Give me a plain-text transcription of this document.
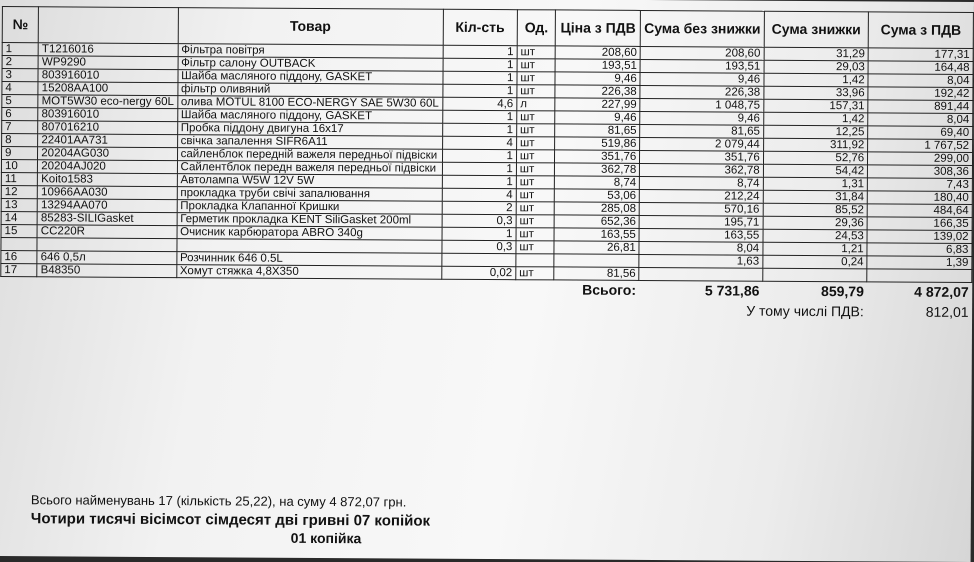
№		Товар	Кіл-сть	Од.	Ціна з ПДВ	Сума без знижки	Сума знижки	Сума з ПДВ
1	T1216016	Фільтра повітря	1	шт	208,60	208,60	31,29	177,31
2	WP9290	Фільтр салону OUTBACK	1	шт	193,51	193,51	29,03	164,48
3	803916010	Шайба масляного піддону, GASKET	1	шт	9,46	9,46	1,42	8,04
4	15208AA100	фільтр оливяний	1	шт	226,38	226,38	33,96	192,42
5	MOT5W30 eco-nergy 60L	олива MOTUL 8100 ECO-NERGY SAE 5W30 60L	4,6	л	227,99	1 048,75	157,31	891,44
6	803916010	Шайба масляного піддону, GASKET	1	шт	9,46	9,46	1,42	8,04
7	807016210	Пробка піддону двигуна 16x17	1	шт	81,65	81,65	12,25	69,40
8	22401AA731	свічка запалення SIFR6A11	4	шт	519,86	2 079,44	311,92	1 767,52
9	20204AG030	сайленблок передній важеля передньої підвіски	1	шт	351,76	351,76	52,76	299,00
10	20204AJ020	Сайлентблок передн важеля передньої підвіски	1	шт	362,78	362,78	54,42	308,36
11	Koito1583	Автолампа W5W 12V 5W	1	шт	8,74	8,74	1,31	7,43
12	10966AA030	прокладка труби свічі запалювання	4	шт	53,06	212,24	31,84	180,40
13	13294AA070	Прокладка Клапанної Кришки	2	шт	285,08	570,16	85,52	484,64
14	85283-SILIGasket	Герметик прокладка KENT SiliGasket 200ml	0,3	шт	652,36	195,71	29,36	166,35
15	CC220R	Очисник карбюратора ABRO 340g	1	шт	163,55	163,55	24,53	139,02
			0,3	шт	26,81	8,04	1,21	6,83
16	646 0,5л	Розчинник 646 0.5L				1,63	0,24	1,39
17	B48350	Хомут стяжка 4,8X350	0,02	шт	81,56			
					Всього:	5 731,86	859,79	4 872,07
						У тому числі ПДВ:		812,01
Всього найменувань 17 (кількість 25,22), на суму 4 872,07 грн.
Чотири тисячі вісімсот сімдесят дві гривні 07 копійок
01 копійка
